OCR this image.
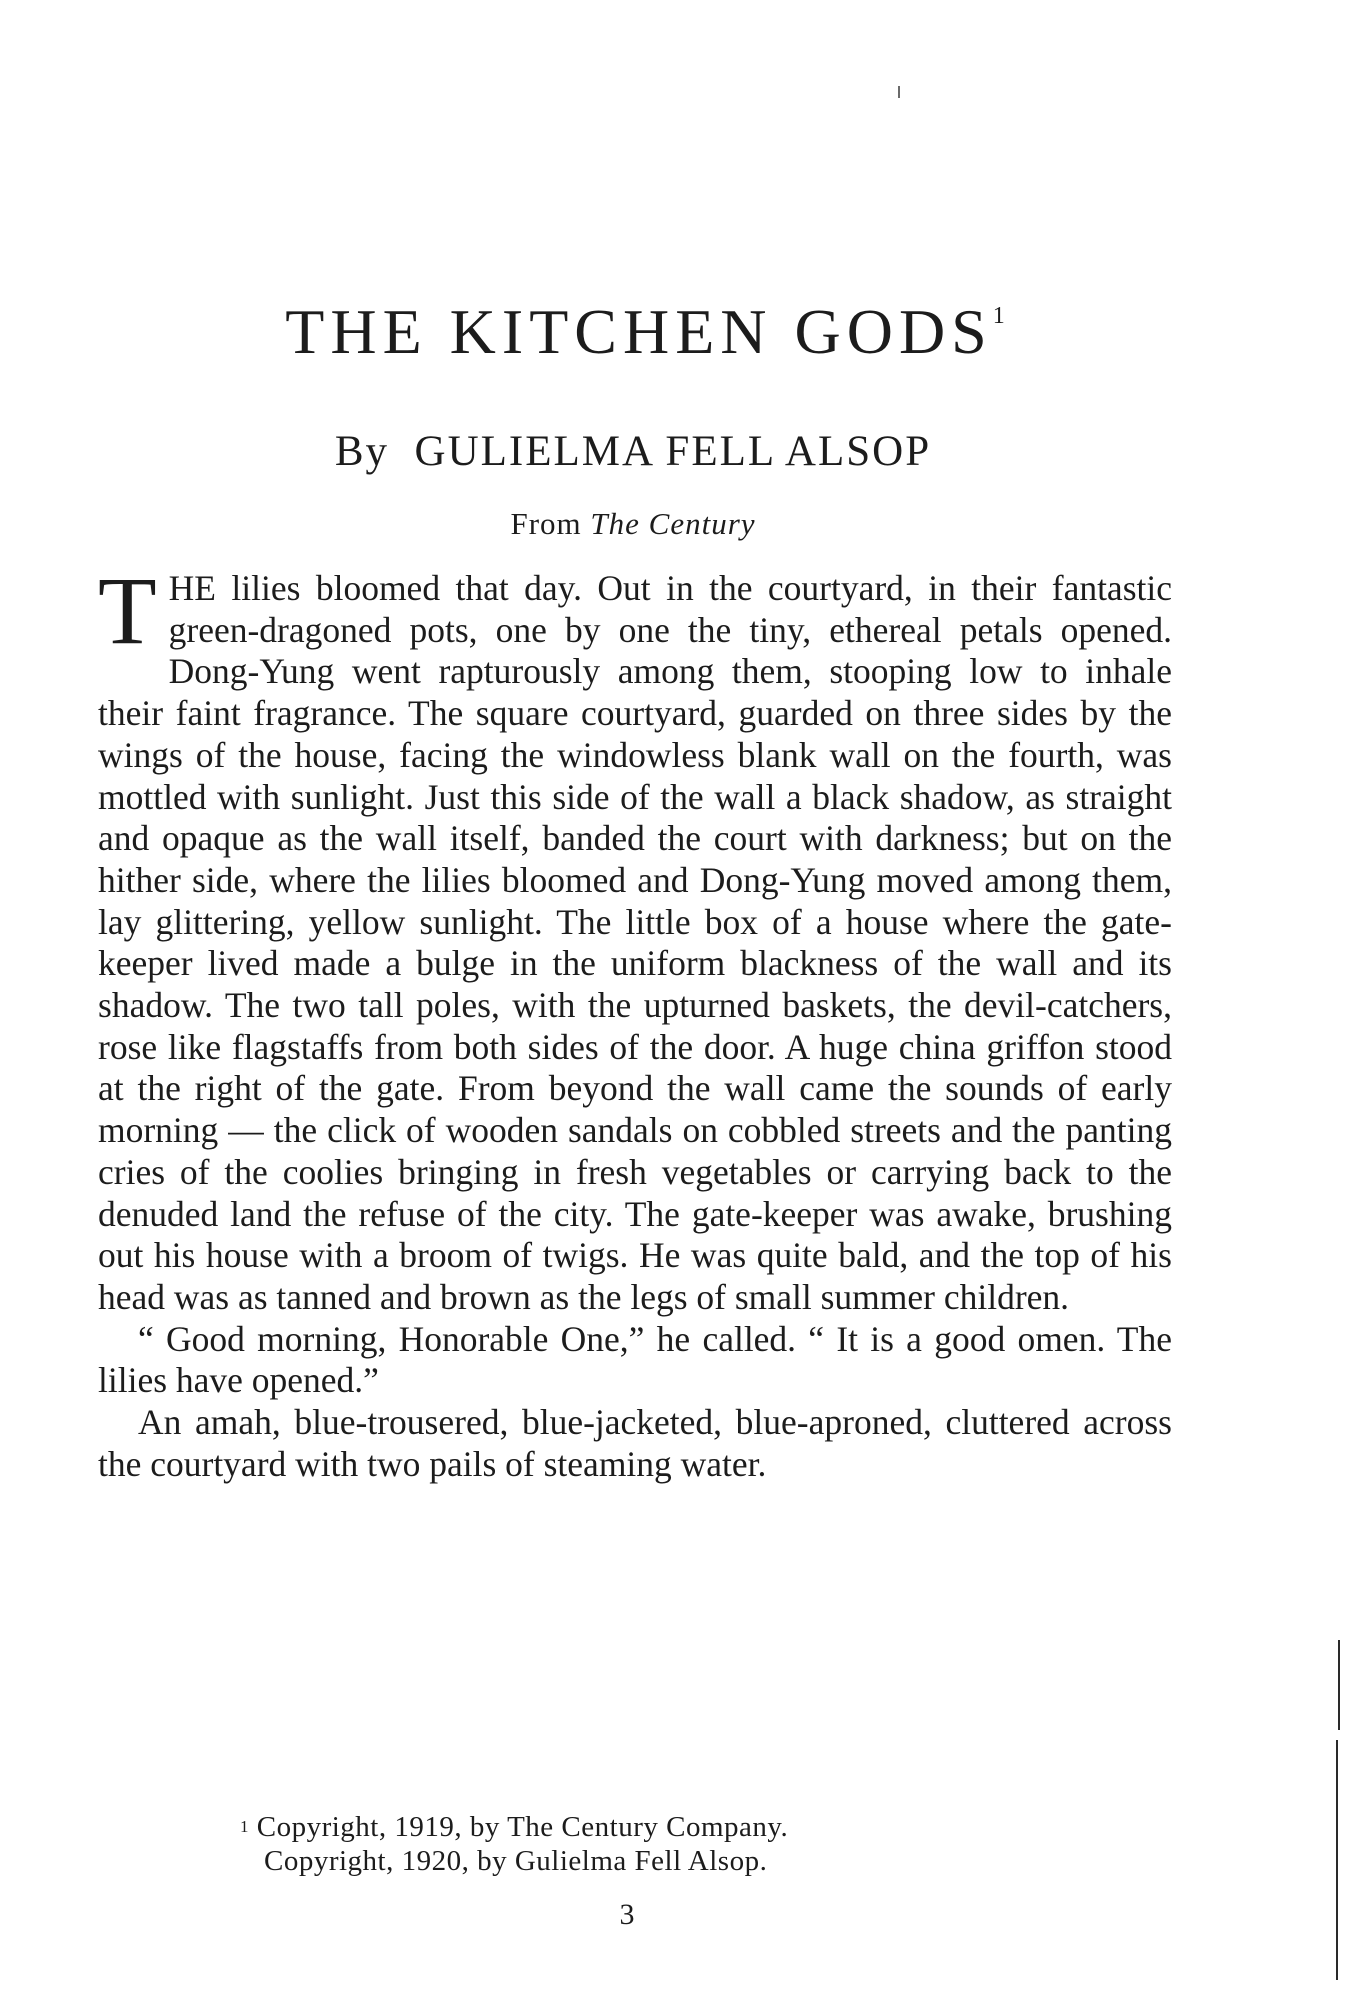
THE KITCHEN GODS$^1$
By GULIELMA FELL ALSOP
From The Century

THE lilies bloomed that day. Out in the courtyard, in their fantastic green-dragoned pots, one by one the tiny, ethereal petals opened. Dong-Yung went rapturously among them, stooping low to inhale their faint fragrance. The square courtyard, guarded on three sides by the wings of the house, facing the windowless blank wall on the fourth, was mottled with sunlight. Just this side of the wall a black shadow, as straight and opaque as the wall itself, banded the court with darkness; but on the hither side, where the lilies bloomed and Dong-Yung moved among them, lay glittering, yellow sunlight. The little box of a house where the gate-keeper lived made a bulge in the uniform blackness of the wall and its shadow. The two tall poles, with the upturned baskets, the devil-catchers, rose like flagstaffs from both sides of the door. A huge china griffon stood at the right of the gate. From beyond the wall came the sounds of early morning — the click of wooden sandals on cobbled streets and the panting cries of the coolies bringing in fresh vegetables or carrying back to the denuded land the refuse of the city. The gate-keeper was awake, brushing out his house with a broom of twigs. He was quite bald, and the top of his head was as tanned and brown as the legs of small summer children.

“ Good morning, Honorable One,” he called. “ It is a good omen. The lilies have opened.”

An amah, blue-trousered, blue-jacketed, blue-aproned, cluttered across the courtyard with two pails of steaming water.

$^1$ Copyright, 1919, by The Century Company.
Copyright, 1920, by Gulielma Fell Alsop.
3
